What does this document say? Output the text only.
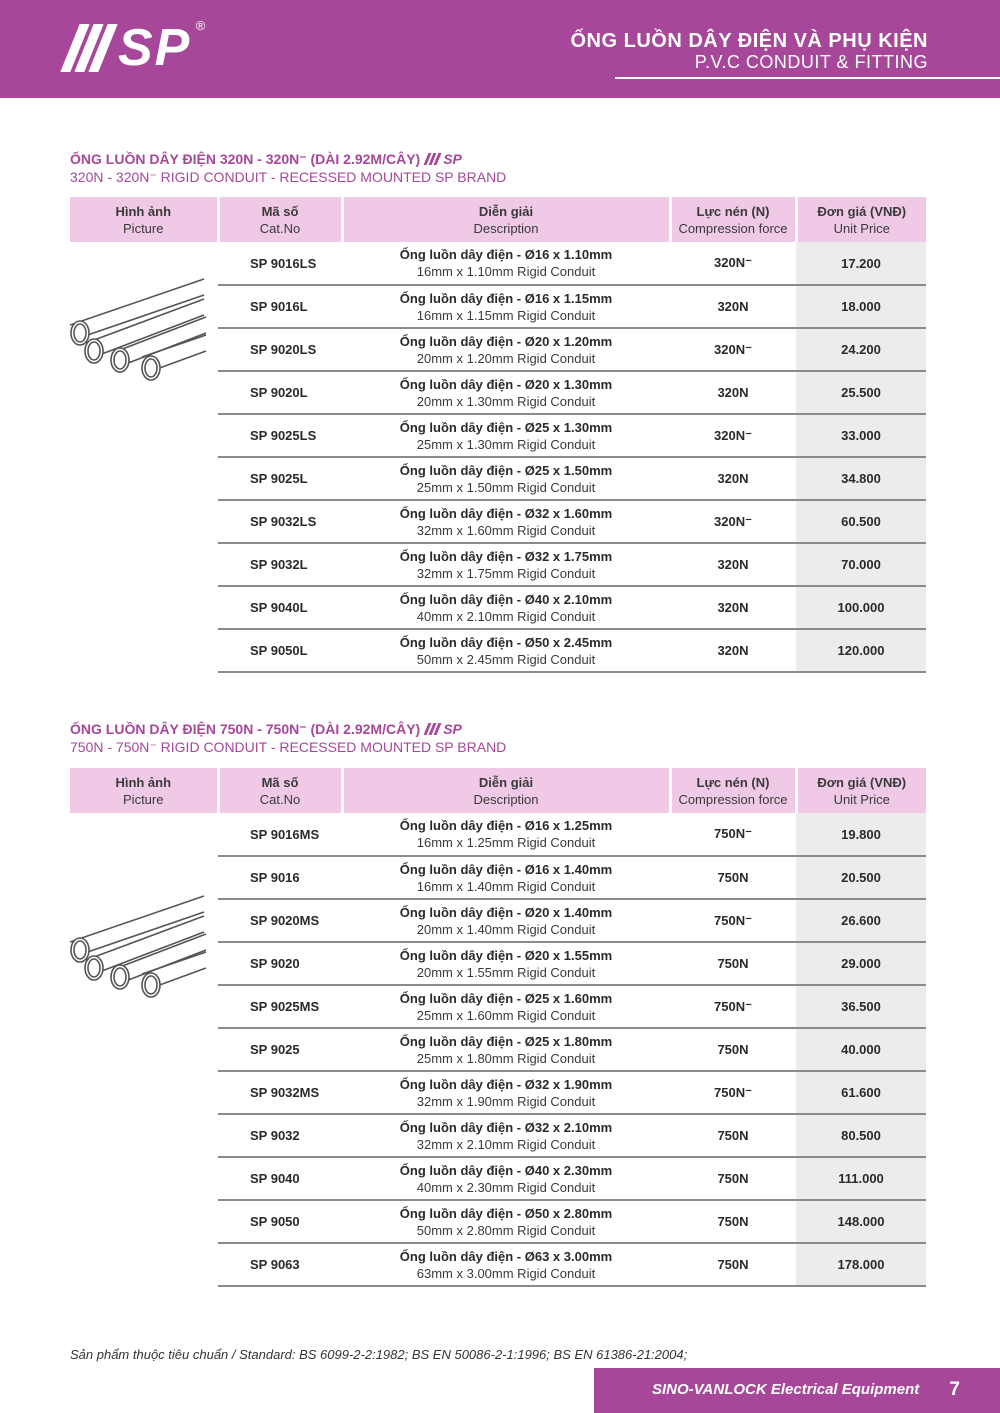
SP ®
ỐNG LUỒN DÂY ĐIỆN VÀ PHỤ KIỆN
P.V.C CONDUIT & FITTING
ỐNG LUỒN DÂY ĐIỆN 320N - 320N⁻ (DÀI 2.92M/CÂY) SP
320N - 320N⁻ RIGID CONDUIT - RECESSED MOUNTED SP BRAND
Hình ảnh
Picture	Mã số
Cat.No	Diễn giải
Description	Lực nén (N)
Compression force	Đơn giá (VNĐ)
Unit Price

	SP 9016LS	Ống luồn dây điện - Ø16 x 1.10mm
16mm x 1.10mm Rigid Conduit	320N⁻	17.200
	SP 9016L	Ống luồn dây điện - Ø16 x 1.15mm
16mm x 1.15mm Rigid Conduit	320N	18.000
	SP 9020LS	Ống luồn dây điện - Ø20 x 1.20mm
20mm x 1.20mm Rigid Conduit	320N⁻	24.200
	SP 9020L	Ống luồn dây điện - Ø20 x 1.30mm
20mm x 1.30mm Rigid Conduit	320N	25.500
	SP 9025LS	Ống luồn dây điện - Ø25 x 1.30mm
25mm x 1.30mm Rigid Conduit	320N⁻	33.000
	SP 9025L	Ống luồn dây điện - Ø25 x 1.50mm
25mm x 1.50mm Rigid Conduit	320N	34.800
	SP 9032LS	Ống luồn dây điện - Ø32 x 1.60mm
32mm x 1.60mm Rigid Conduit	320N⁻	60.500
	SP 9032L	Ống luồn dây điện - Ø32 x 1.75mm
32mm x 1.75mm Rigid Conduit	320N	70.000
	SP 9040L	Ống luồn dây điện - Ø40 x 2.10mm
40mm x 2.10mm Rigid Conduit	320N	100.000
	SP 9050L	Ống luồn dây điện - Ø50 x 2.45mm
50mm x 2.45mm Rigid Conduit	320N	120.000
ỐNG LUỒN DÂY ĐIỆN 750N - 750N⁻ (DÀI 2.92M/CÂY) SP
750N - 750N⁻ RIGID CONDUIT - RECESSED MOUNTED SP BRAND
Hình ảnh
Picture	Mã số
Cat.No	Diễn giải
Description	Lực nén (N)
Compression force	Đơn giá (VNĐ)
Unit Price

	SP 9016MS	Ống luồn dây điện - Ø16 x 1.25mm
16mm x 1.25mm Rigid Conduit	750N⁻	19.800
	SP 9016	Ống luồn dây điện - Ø16 x 1.40mm
16mm x 1.40mm Rigid Conduit	750N	20.500
	SP 9020MS	Ống luồn dây điện - Ø20 x 1.40mm
20mm x 1.40mm Rigid Conduit	750N⁻	26.600
	SP 9020	Ống luồn dây điện - Ø20 x 1.55mm
20mm x 1.55mm Rigid Conduit	750N	29.000
	SP 9025MS	Ống luồn dây điện - Ø25 x 1.60mm
25mm x 1.60mm Rigid Conduit	750N⁻	36.500
	SP 9025	Ống luồn dây điện - Ø25 x 1.80mm
25mm x 1.80mm Rigid Conduit	750N	40.000
	SP 9032MS	Ống luồn dây điện - Ø32 x 1.90mm
32mm x 1.90mm Rigid Conduit	750N⁻	61.600
	SP 9032	Ống luồn dây điện - Ø32 x 2.10mm
32mm x 2.10mm Rigid Conduit	750N	80.500
	SP 9040	Ống luồn dây điện - Ø40 x 2.30mm
40mm x 2.30mm Rigid Conduit	750N	111.000
	SP 9050	Ống luồn dây điện - Ø50 x 2.80mm
50mm x 2.80mm Rigid Conduit	750N	148.000
	SP 9063	Ống luồn dây điện - Ø63 x 3.00mm
63mm x 3.00mm Rigid Conduit	750N	178.000
Sản phẩm thuộc tiêu chuẩn / Standard: BS 6099-2-2:1982; BS EN 50086-2-1:1996; BS EN 61386-21:2004;
SINO-VANLOCK Electrical Equipment 7
